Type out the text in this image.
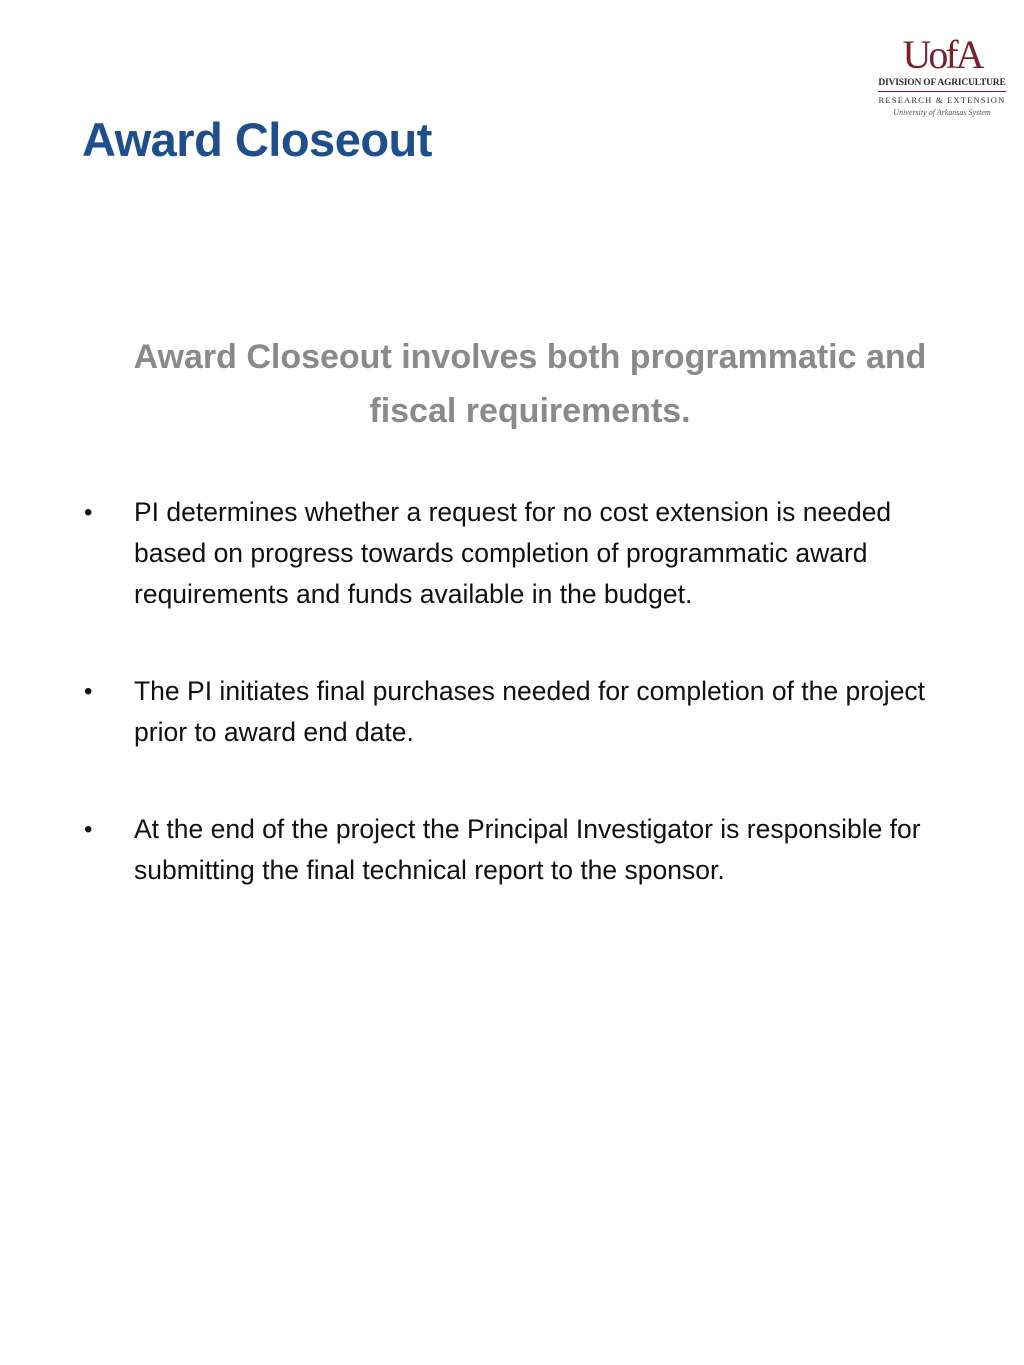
UofA
DIVISION OF AGRICULTURE
RESEARCH & EXTENSION
University of Arkansas System
Award Closeout

Award Closeout involves both programmatic and fiscal requirements.

•	PI determines whether a request for no cost extension is needed based on progress towards completion of programmatic award requirements and funds available in the budget.
•	The PI initiates final purchases needed for completion of the project prior to award end date.
•	At the end of the project the Principal Investigator is responsible for submitting the final technical report to the sponsor.
